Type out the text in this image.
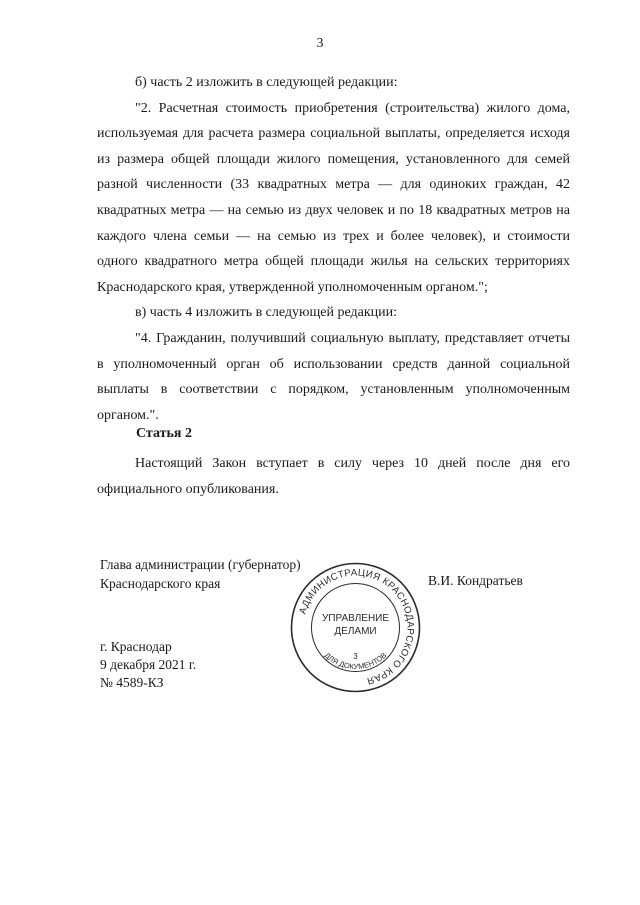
3

б) часть 2 изложить в следующей редакции:

"2. Расчетная стоимость приобретения (строительства) жилого дома, используемая для расчета размера социальной выплаты, определяется исходя из размера общей площади жилого помещения, установленного для семей разной численности (33 квадратных метра — для одиноких граждан, 42 квадратных метра — на семью из двух человек и по 18 квадратных метров на каждого члена семьи — на семью из трех и более человек), и стоимости одного квадратного метра общей площади жилья на сельских территориях Краснодарского края, утвержденной уполномоченным органом.";

в) часть 4 изложить в следующей редакции:

"4. Гражданин, получивший социальную выплату, представляет отчеты в уполномоченный орган об использовании средств данной социальной выплаты в соответствии с порядком, установленным уполномоченным органом.".

Статья 2

Настоящий Закон вступает в силу через 10 дней после дня его официального опубликования.

Глава администрации (губернатор)
Краснодарского края	В.И. Кондратьев
г. Краснодар
9 декабря 2021 г.
№ 4589-КЗ
АДМИНИСТРАЦИЯ КРАСНОДАРСКОГО КРАЯ
ДЛЯ ДОКУМЕНТОВ
УПРАВЛЕНИЕ
ДЕЛАМИ
3
